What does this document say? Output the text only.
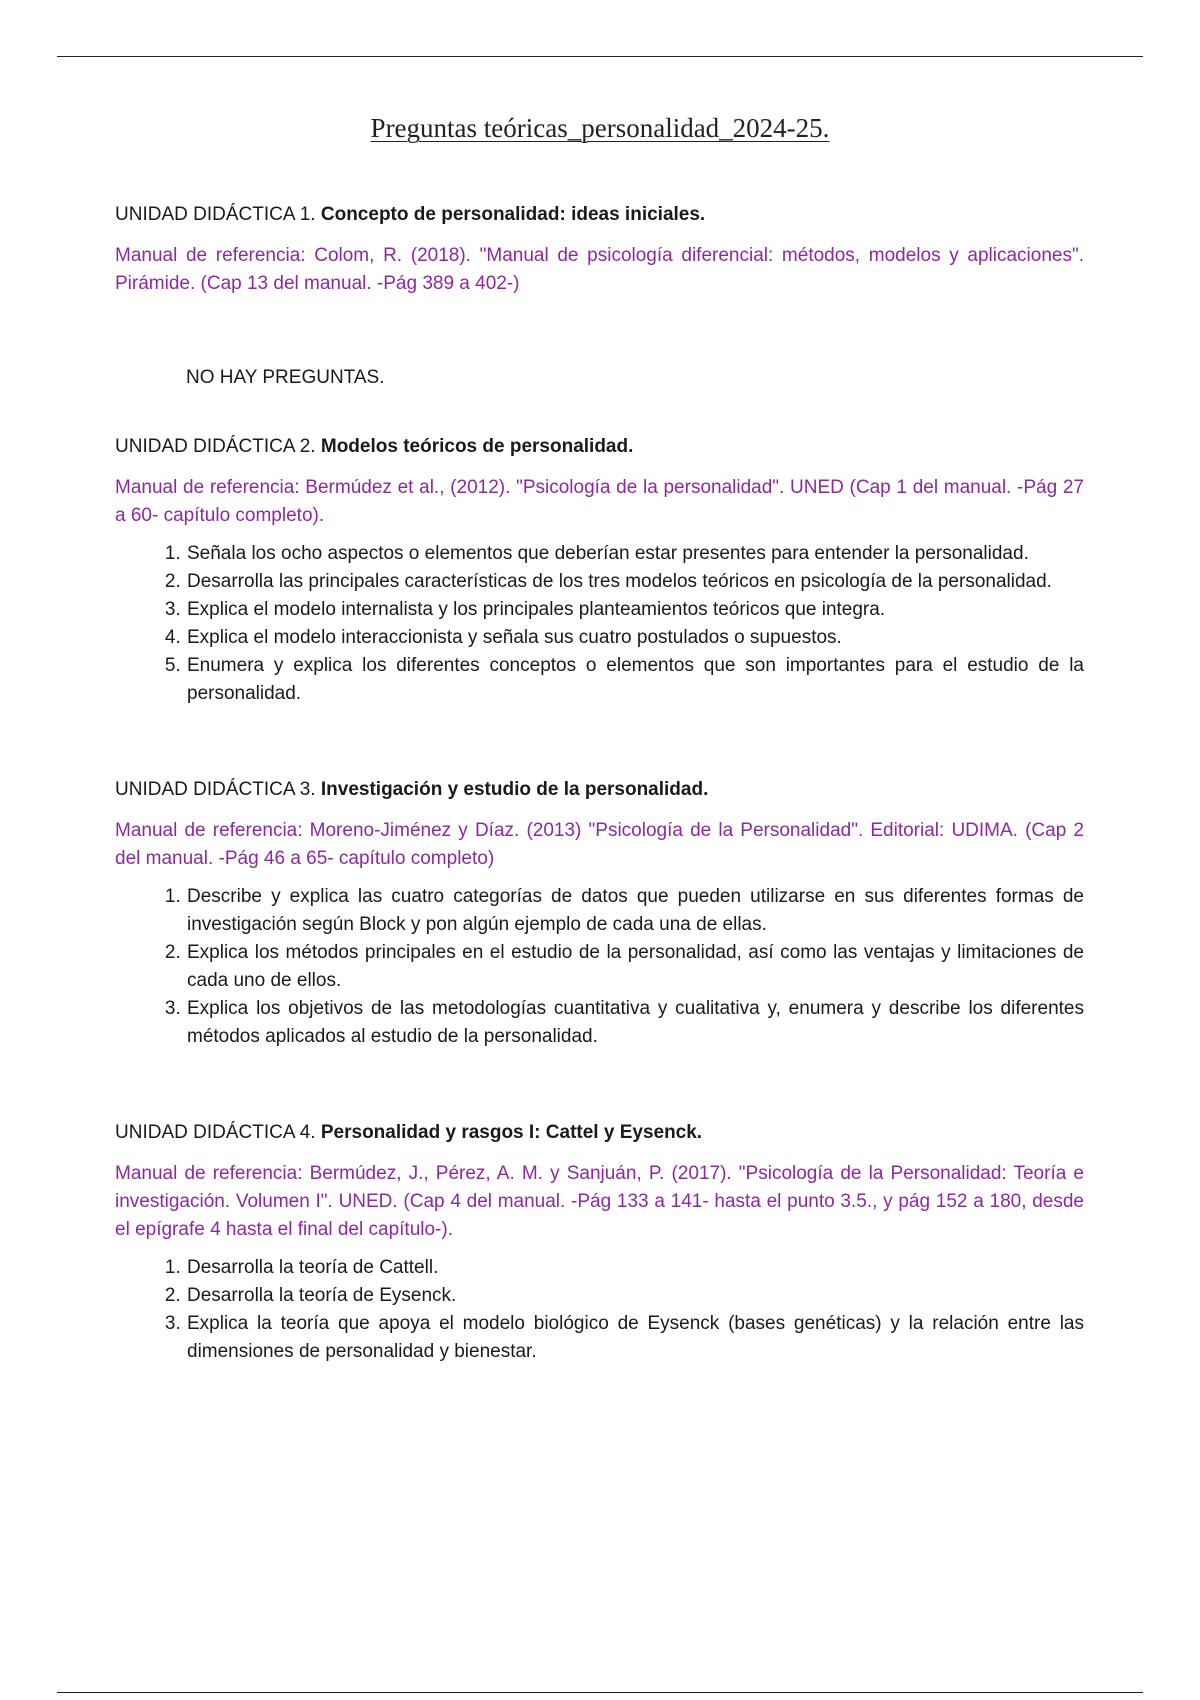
Preguntas teóricas_personalidad_2024-25.

UNIDAD DIDÁCTICA 1. Concepto de personalidad: ideas iniciales.

Manual de referencia: Colom, R. (2018). "Manual de psicología diferencial: métodos, modelos y aplicaciones". Pirámide. (Cap 13 del manual. -Pág 389 a 402-)

NO HAY PREGUNTAS.

UNIDAD DIDÁCTICA 2. Modelos teóricos de personalidad.

Manual de referencia: Bermúdez et al., (2012). "Psicología de la personalidad". UNED (Cap 1 del manual. -Pág 27 a 60- capítulo completo).

1. Señala los ocho aspectos o elementos que deberían estar presentes para entender la personalidad.
2. Desarrolla las principales características de los tres modelos teóricos en psicología de la personalidad.
3. Explica el modelo internalista y los principales planteamientos teóricos que integra.
4. Explica el modelo interaccionista y señala sus cuatro postulados o supuestos.
5. Enumera y explica los diferentes conceptos o elementos que son importantes para el estudio de la personalidad.

UNIDAD DIDÁCTICA 3. Investigación y estudio de la personalidad.

Manual de referencia: Moreno-Jiménez y Díaz. (2013) "Psicología de la Personalidad". Editorial: UDIMA. (Cap 2 del manual. -Pág 46 a 65- capítulo completo)

1. Describe y explica las cuatro categorías de datos que pueden utilizarse en sus diferentes formas de investigación según Block y pon algún ejemplo de cada una de ellas.
2. Explica los métodos principales en el estudio de la personalidad, así como las ventajas y limitaciones de cada uno de ellos.
3. Explica los objetivos de las metodologías cuantitativa y cualitativa y, enumera y describe los diferentes métodos aplicados al estudio de la personalidad.

UNIDAD DIDÁCTICA 4. Personalidad y rasgos I: Cattel y Eysenck.

Manual de referencia: Bermúdez, J., Pérez, A. M. y Sanjuán, P. (2017). "Psicología de la Personalidad: Teoría e investigación. Volumen I". UNED. (Cap 4 del manual. -Pág 133 a 141- hasta el punto 3.5., y pág 152 a 180, desde el epígrafe 4 hasta el final del capítulo-).

1. Desarrolla la teoría de Cattell.
2. Desarrolla la teoría de Eysenck.
3. Explica la teoría que apoya el modelo biológico de Eysenck (bases genéticas) y la relación entre las dimensiones de personalidad y bienestar.
